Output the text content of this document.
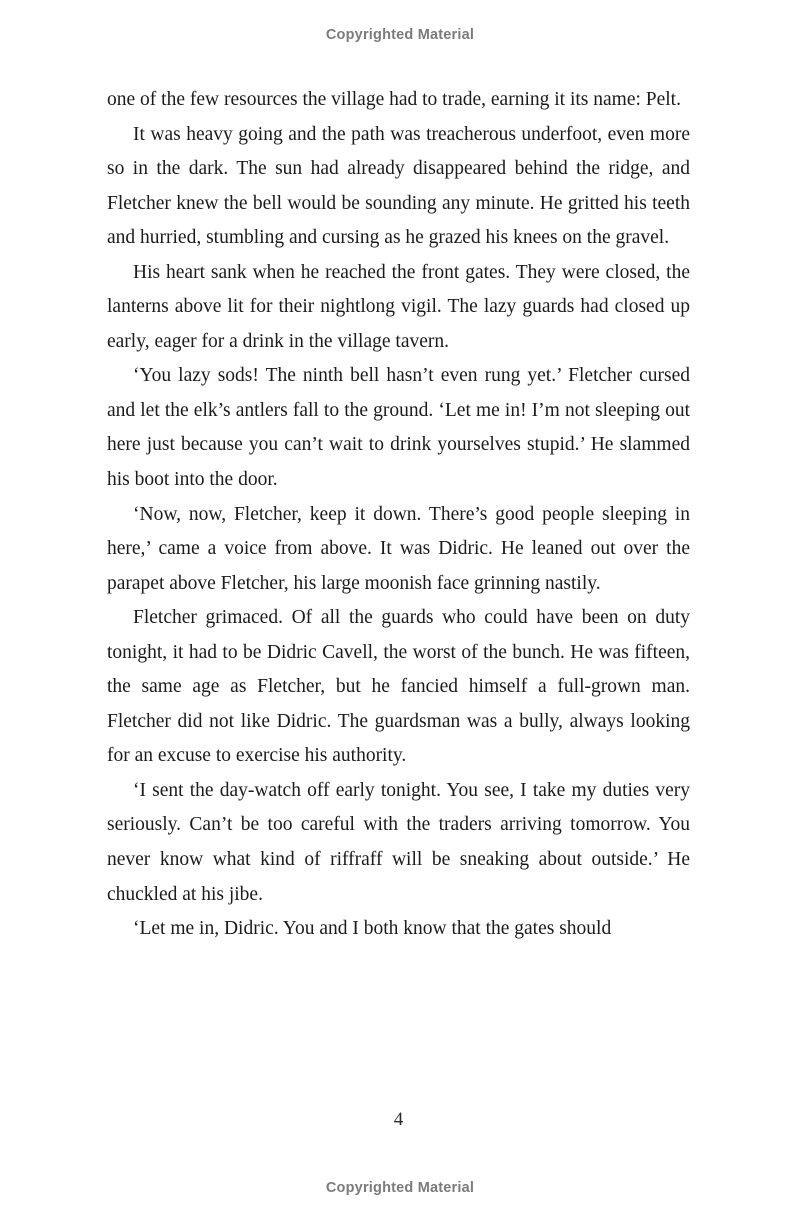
Copyrighted Material

one of the few resources the village had to trade, earning it its name: Pelt.

It was heavy going and the path was treacherous underfoot, even more so in the dark. The sun had already disappeared behind the ridge, and Fletcher knew the bell would be sounding any minute. He gritted his teeth and hurried, stumbling and cursing as he grazed his knees on the gravel.

His heart sank when he reached the front gates. They were closed, the lanterns above lit for their nightlong vigil. The lazy guards had closed up early, eager for a drink in the village tavern.

‘You lazy sods! The ninth bell hasn’t even rung yet.’ Fletcher cursed and let the elk’s antlers fall to the ground. ‘Let me in! I’m not sleeping out here just because you can’t wait to drink yourselves stupid.’ He slammed his boot into the door.

‘Now, now, Fletcher, keep it down. There’s good people sleeping in here,’ came a voice from above. It was Didric. He leaned out over the parapet above Fletcher, his large moonish face grinning nastily.

Fletcher grimaced. Of all the guards who could have been on duty tonight, it had to be Didric Cavell, the worst of the bunch. He was fifteen, the same age as Fletcher, but he fancied himself a full-grown man. Fletcher did not like Didric. The guardsman was a bully, always looking for an excuse to exercise his authority.

‘I sent the day-watch off early tonight. You see, I take my duties very seriously. Can’t be too careful with the traders arriving tomorrow. You never know what kind of riffraff will be sneaking about outside.’ He chuckled at his jibe.

‘Let me in, Didric. You and I both know that the gates should

4
Copyrighted Material
